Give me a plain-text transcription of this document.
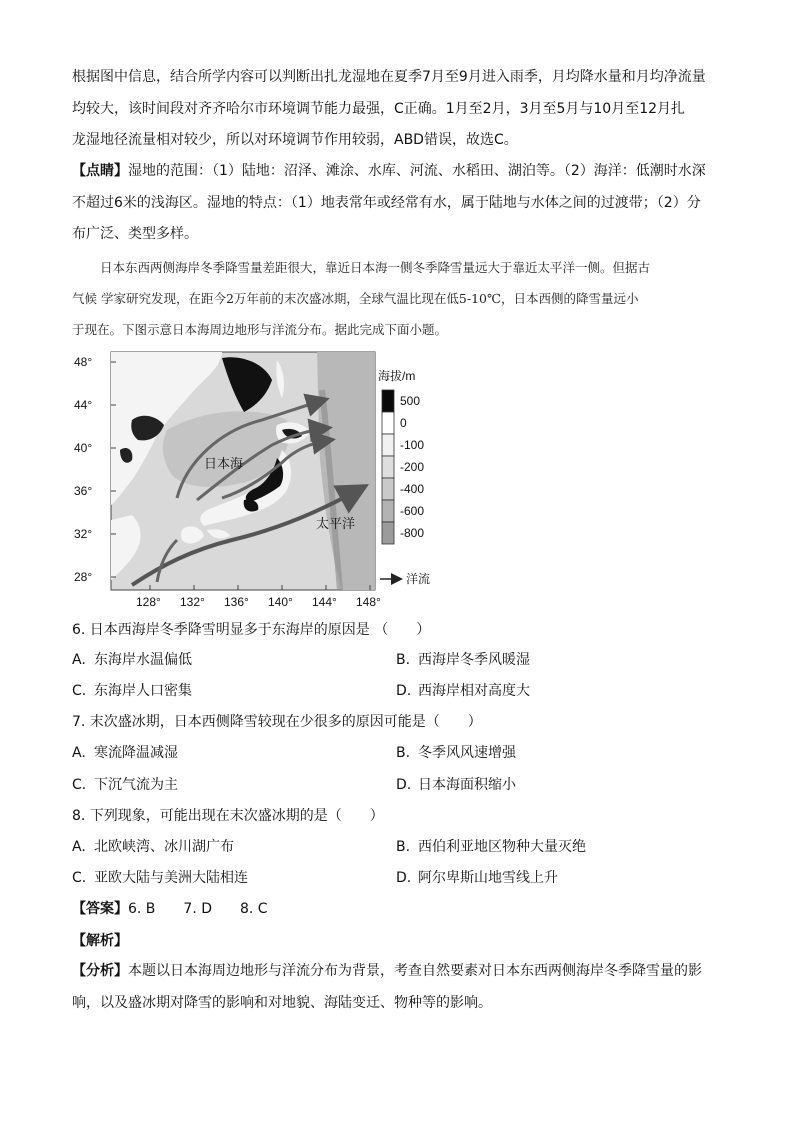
根据图中信息，结合所学内容可以判断出扎龙湿地在夏季7月至9月进入雨季，月均降水量和月均净流量
均较大，该时间段对齐齐哈尔市环境调节能力最强，C正确。1月至2月，3月至5月与10月至12月扎
龙湿地径流量相对较少，所以对环境调节作用较弱，ABD错误，故选C。
【点睛】湿地的范围：（1）陆地：沼泽、滩涂、水库、河流、水稻田、湖泊等。（2）海洋：低潮时水深
不超过6米的浅海区。湿地的特点：（1）地表常年或经常有水，属于陆地与水体之间的过渡带；（2）分
布广泛、类型多样。
日本东西两侧海岸冬季降雪量差距很大，靠近日本海一侧冬季降雪量远大于靠近太平洋一侧。但据古
气候 学家研究发现，在距今2万年前的末次盛冰期，全球气温比现在低5-10℃，日本西侧的降雪量远小
于现在。下图示意日本海周边地形与洋流分布。据此完成下面小题。
日本海
太平洋
48°
44°
40°
36°
32°
28°
128° 132° 136° 140° 144° 148°
海拔/m
500
0
-100
-200
-400
-600
-800
洋流
6. 日本西海岸冬季降雪明显多于东海岸的原因是 （　　）
A. 东海岸水温偏低	B. 西海岸冬季风暖湿
C. 东海岸人口密集	D. 西海岸相对高度大
7. 末次盛冰期，日本西侧降雪较现在少很多的原因可能是（　　）
A. 寒流降温减湿	B. 冬季风风速增强
C. 下沉气流为主	D. 日本海面积缩小
8. 下列现象，可能出现在末次盛冰期的是（　　）
A. 北欧峡湾、冰川湖广布	B. 西伯利亚地区物种大量灭绝
C. 亚欧大陆与美洲大陆相连	D. 阿尔卑斯山地雪线上升
【答案】6. B　　7. D　　8. C
【解析】
【分析】本题以日本海周边地形与洋流分布为背景，考查自然要素对日本东西两侧海岸冬季降雪量的影
响，以及盛冰期对降雪的影响和对地貌、海陆变迁、物种等的影响。
